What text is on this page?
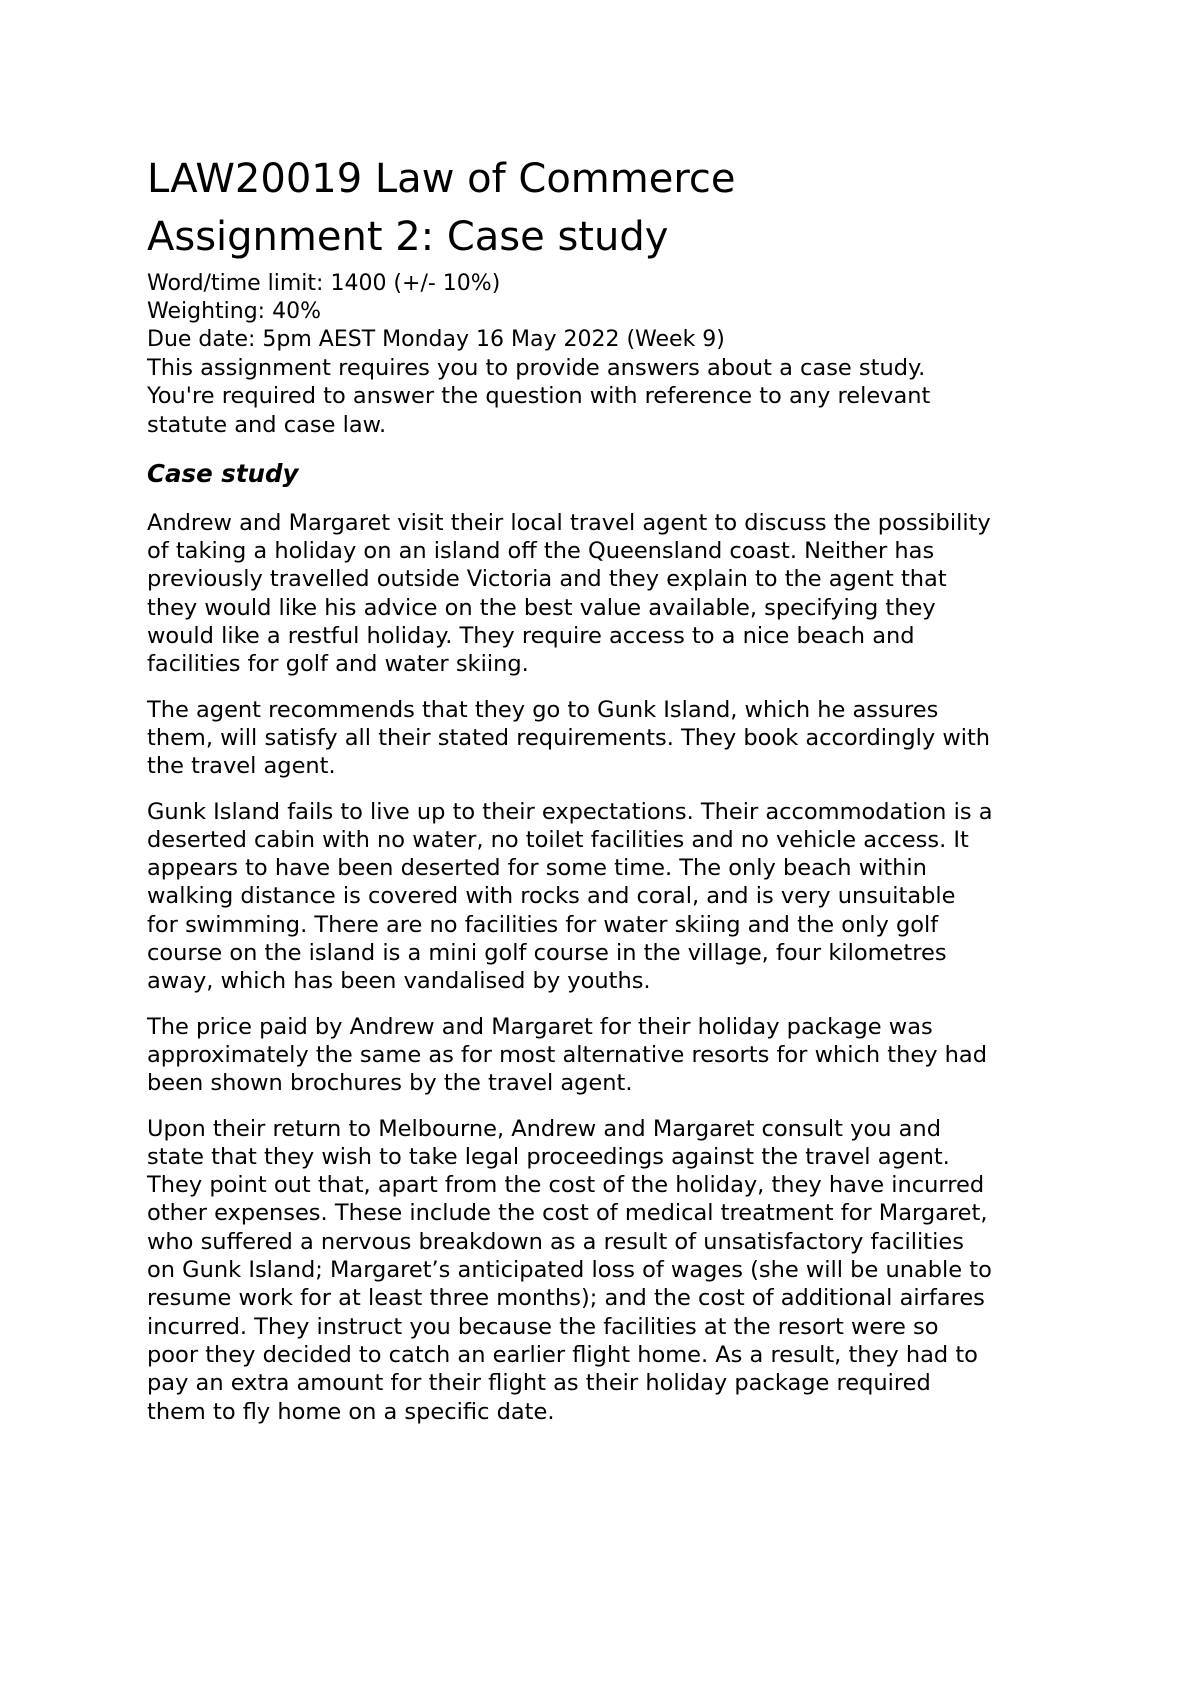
LAW20019 Law of Commerce
Assignment 2: Case study
Word/time limit: 1400 (+/- 10%)
Weighting: 40%
Due date: 5pm AEST Monday 16 May 2022 (Week 9)
This assignment requires you to provide answers about a case study.
You're required to answer the question with reference to any relevant
statute and case law.
Case study
Andrew and Margaret visit their local travel agent to discuss the possibility
of taking a holiday on an island off the Queensland coast. Neither has
previously travelled outside Victoria and they explain to the agent that
they would like his advice on the best value available, specifying they
would like a restful holiday. They require access to a nice beach and
facilities for golf and water skiing.
The agent recommends that they go to Gunk Island, which he assures
them, will satisfy all their stated requirements. They book accordingly with
the travel agent.
Gunk Island fails to live up to their expectations. Their accommodation is a
deserted cabin with no water, no toilet facilities and no vehicle access. It
appears to have been deserted for some time. The only beach within
walking distance is covered with rocks and coral, and is very unsuitable
for swimming. There are no facilities for water skiing and the only golf
course on the island is a mini golf course in the village, four kilometres
away, which has been vandalised by youths.
The price paid by Andrew and Margaret for their holiday package was
approximately the same as for most alternative resorts for which they had
been shown brochures by the travel agent.
Upon their return to Melbourne, Andrew and Margaret consult you and
state that they wish to take legal proceedings against the travel agent.
They point out that, apart from the cost of the holiday, they have incurred
other expenses. These include the cost of medical treatment for Margaret,
who suffered a nervous breakdown as a result of unsatisfactory facilities
on Gunk Island; Margaret’s anticipated loss of wages (she will be unable to
resume work for at least three months); and the cost of additional airfares
incurred. They instruct you because the facilities at the resort were so
poor they decided to catch an earlier flight home. As a result, they had to
pay an extra amount for their flight as their holiday package required
them to fly home on a specific date.
